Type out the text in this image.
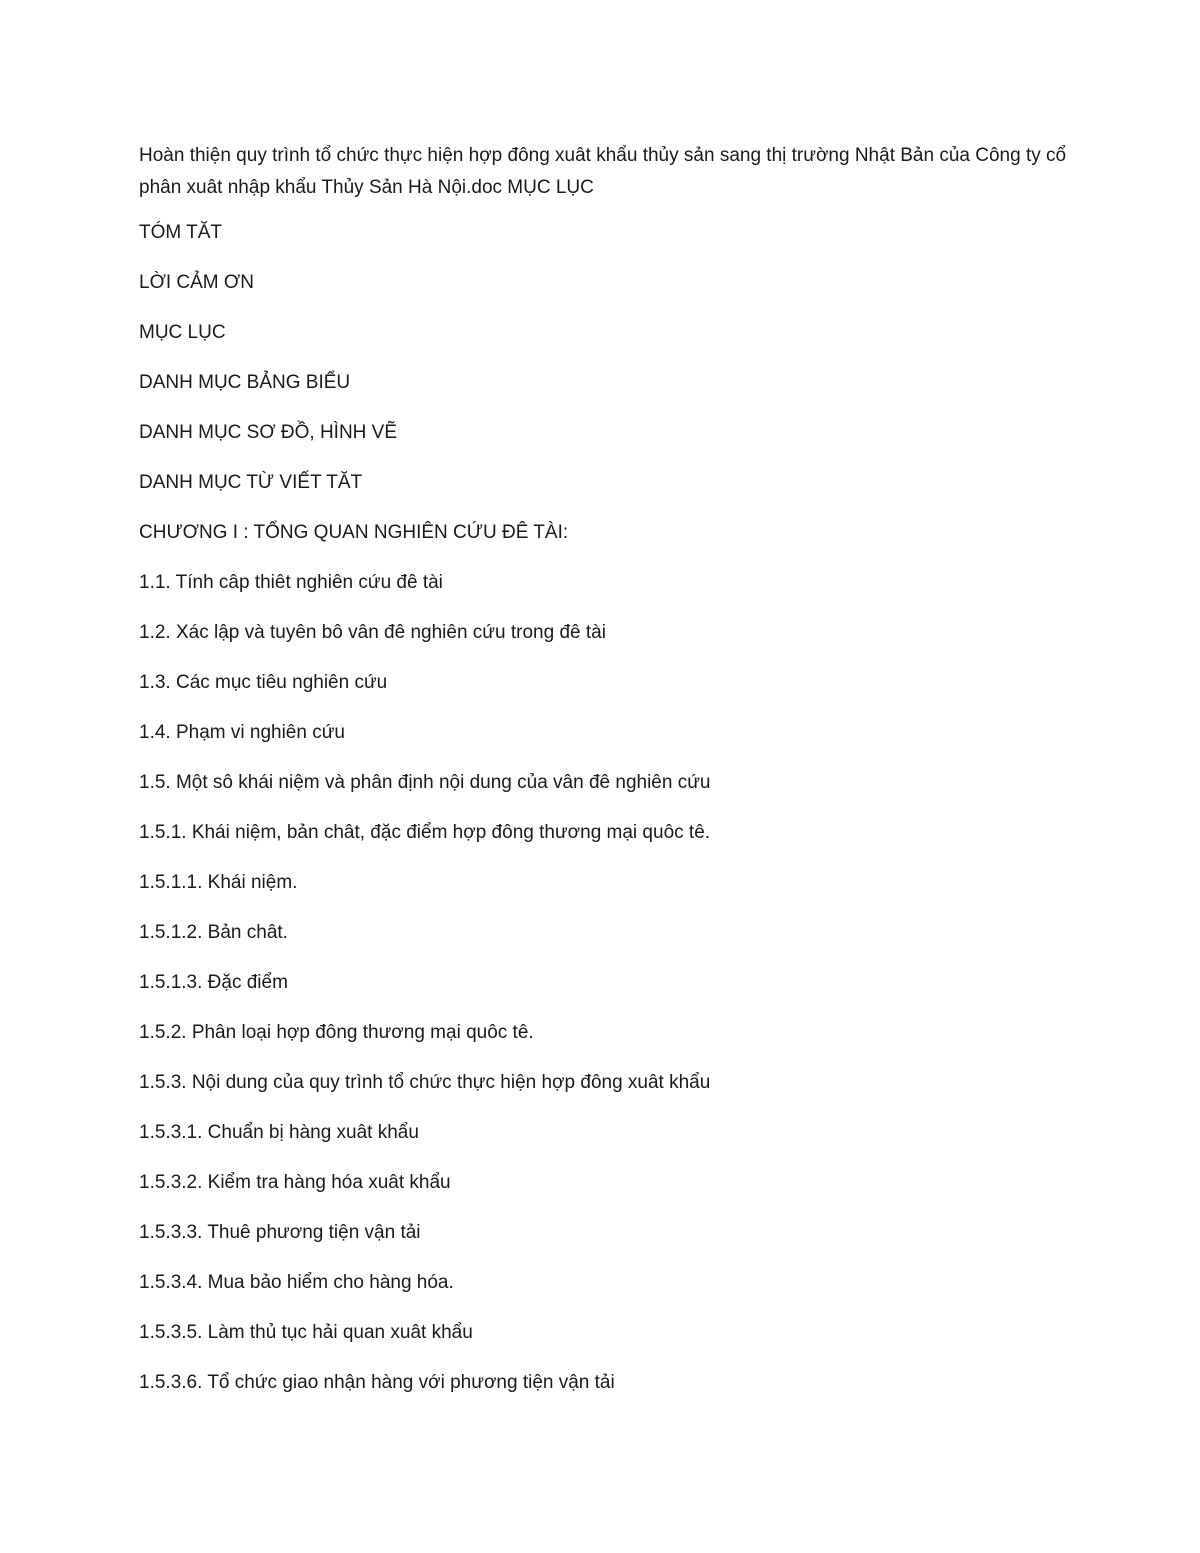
Hoàn thiện quy trình tổ chức thực hiện hợp đông xuât khẩu thủy sản sang thị trường Nhật Bản của Công ty cổ phân xuât nhập khẩu Thủy Sản Hà Nội.doc MỤC LỤC

TÓM TĂT
LỜI CẢM ƠN
MỤC LỤC
DANH MỤC BẢNG BIỂU
DANH MỤC SƠ ĐỒ, HÌNH VẼ
DANH MỤC TỪ VIẾT TĂT
CHƯƠNG I : TỔNG QUAN NGHIÊN CỨU ĐÊ TÀI:
1.1. Tính câp thiêt nghiên cứu đê tài
1.2. Xác lập và tuyên bô vân đê nghiên cứu trong đê tài
1.3. Các mục tiêu nghiên cứu
1.4. Phạm vi nghiên cứu
1.5. Một sô khái niệm và phân định nội dung của vân đê nghiên cứu
1.5.1. Khái niệm, bản chât, đặc điểm hợp đông thương mại quôc tê.
1.5.1.1. Khái niệm.
1.5.1.2. Bản chât.
1.5.1.3. Đặc điểm
1.5.2. Phân loại hợp đông thương mại quôc tê.
1.5.3. Nội dung của quy trình tổ chức thực hiện hợp đông xuât khẩu
1.5.3.1. Chuẩn bị hàng xuât khẩu
1.5.3.2. Kiểm tra hàng hóa xuât khẩu
1.5.3.3. Thuê phương tiện vận tải
1.5.3.4. Mua bảo hiểm cho hàng hóa.
1.5.3.5. Làm thủ tục hải quan xuât khẩu
1.5.3.6. Tổ chức giao nhận hàng với phương tiện vận tải
